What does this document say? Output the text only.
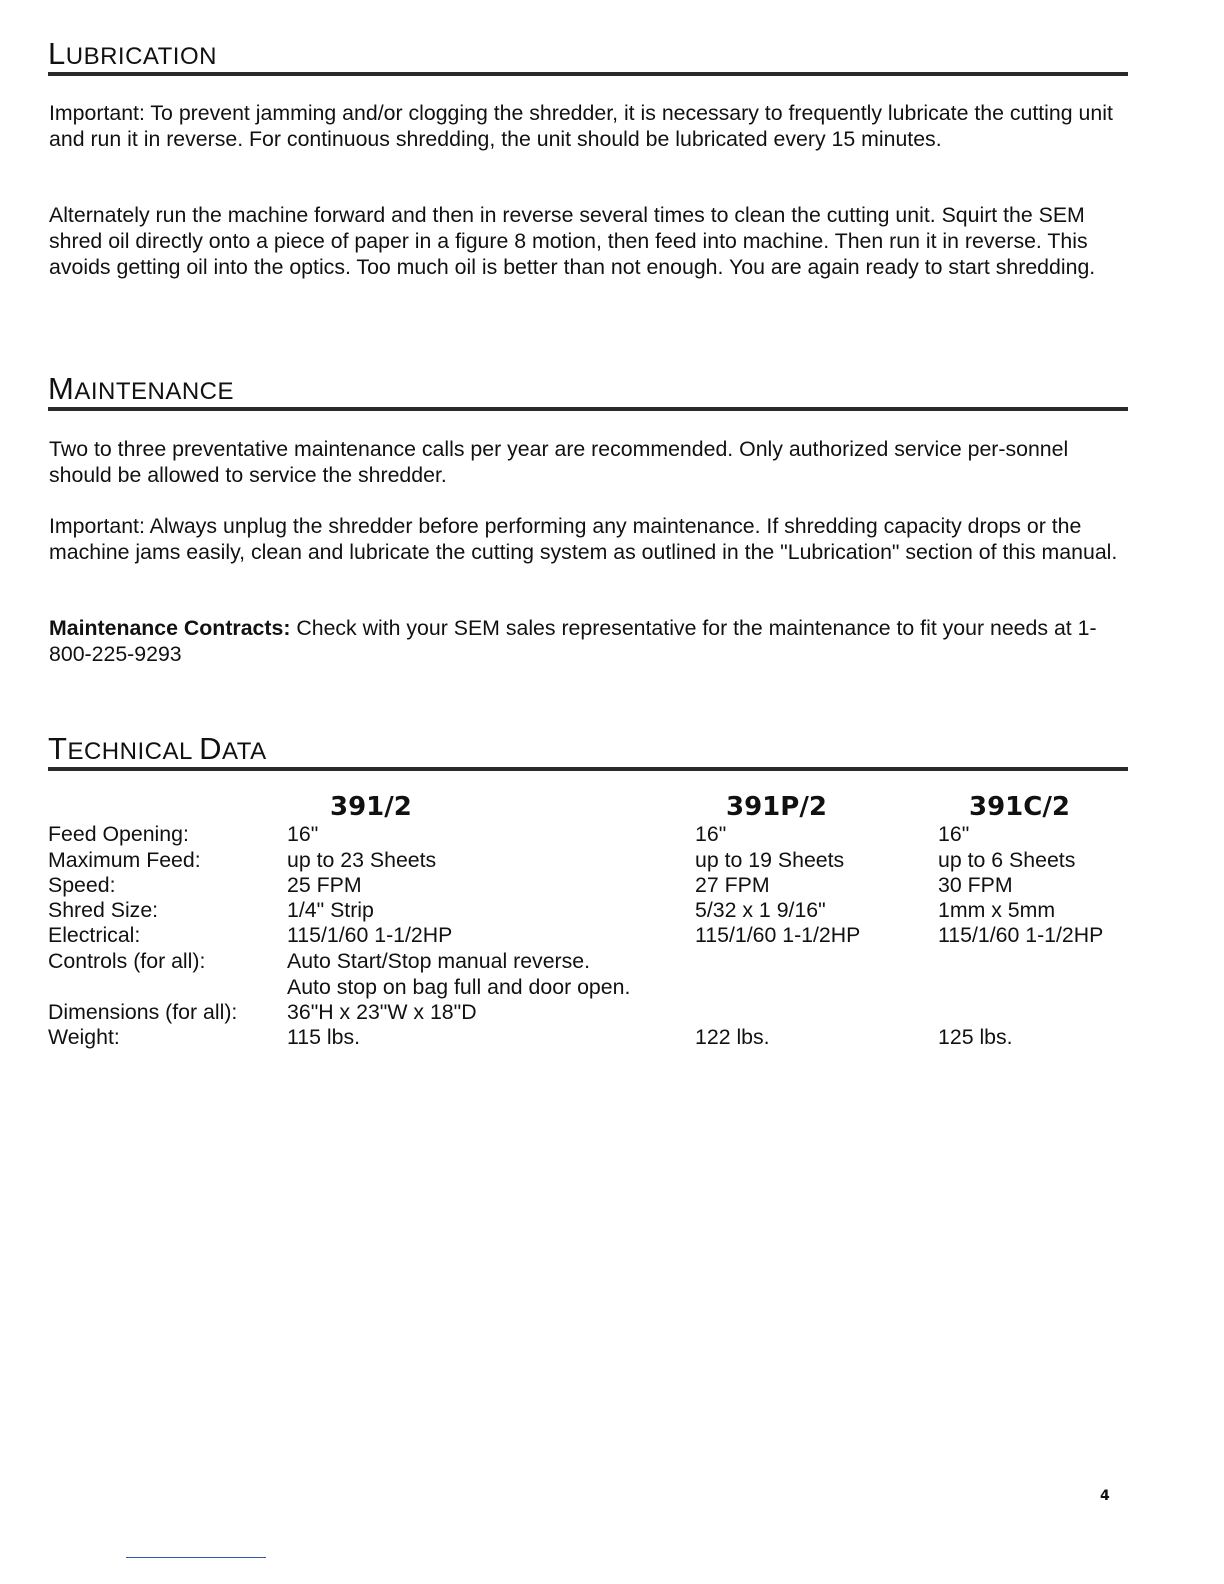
LUBRICATION

Important: To prevent jamming and/or clogging the shredder, it is necessary to frequently lubricate the cutting unit and run it in reverse. For continuous shredding, the unit should be lubricated every 15 minutes.

Alternately run the machine forward and then in reverse several times to clean the cutting unit. Squirt the SEM shred oil directly onto a piece of paper in a figure 8 motion, then feed into machine. Then run it in reverse. This avoids getting oil into the optics. Too much oil is better than not enough. You are again ready to start shredding.

MAINTENANCE

Two to three preventative maintenance calls per year are recommended. Only authorized service per-sonnel should be allowed to service the shredder.

Important: Always unplug the shredder before performing any maintenance. If shredding capacity drops or the machine jams easily, clean and lubricate the cutting system as outlined in the "Lubrication" section of this manual.

Maintenance Contracts: Check with your SEM sales representative for the maintenance to fit your needs at 1-800-225-9293

TECHNICAL DATA
391/2	391P/2	391C/2
Feed Opening:
Maximum Feed:
Speed:
Shred Size:
Electrical:
Controls (for all):
Dimensions (for all):
Weight:
16"
up to 23 Sheets
25 FPM
1/4" Strip
115/1/60 1-1/2HP
Auto Start/Stop manual reverse.
Auto stop on bag full and door open.
36"H x 23"W x 18"D
115 lbs.
16"
up to 19 Sheets
27 FPM
5/32 x 1 9/16"
115/1/60 1-1/2HP
122 lbs.
16"
up to 6 Sheets
30 FPM
1mm x 5mm
115/1/60 1-1/2HP
125 lbs.
4
